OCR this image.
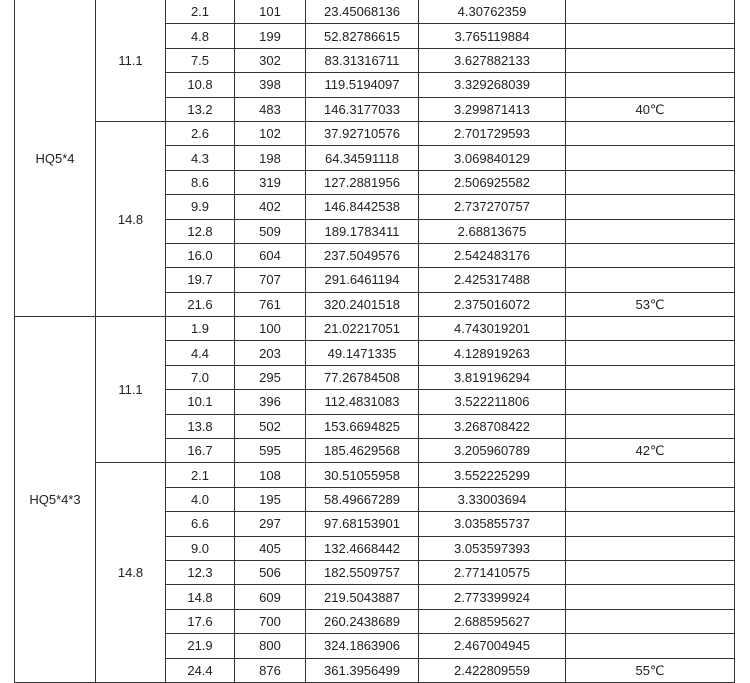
HQ5*4	11.1	2.1	101	23.45068136	4.30762359	
		4.8	199	52.82786615	3.765119884	
		7.5	302	83.31316711	3.627882133	
		10.8	398	119.5194097	3.329268039	
		13.2	483	146.3177033	3.299871413	40℃
	14.8	2.6	102	37.92710576	2.701729593	
		4.3	198	64.34591118	3.069840129	
		8.6	319	127.2881956	2.506925582	
		9.9	402	146.8442538	2.737270757	
		12.8	509	189.1783411	2.68813675	
		16.0	604	237.5049576	2.542483176	
		19.7	707	291.6461194	2.425317488	
		21.6	761	320.2401518	2.375016072	53℃
HQ5*4*3	11.1	1.9	100	21.02217051	4.743019201	
		4.4	203	49.1471335	4.128919263	
		7.0	295	77.26784508	3.819196294	
		10.1	396	112.4831083	3.522211806	
		13.8	502	153.6694825	3.268708422	
		16.7	595	185.4629568	3.205960789	42℃
	14.8	2.1	108	30.51055958	3.552225299	
		4.0	195	58.49667289	3.33003694	
		6.6	297	97.68153901	3.035855737	
		9.0	405	132.4668442	3.053597393	
		12.3	506	182.5509757	2.771410575	
		14.8	609	219.5043887	2.773399924	
		17.6	700	260.2438689	2.688595627	
		21.9	800	324.1863906	2.467004945	
		24.4	876	361.3956499	2.422809559	55℃
